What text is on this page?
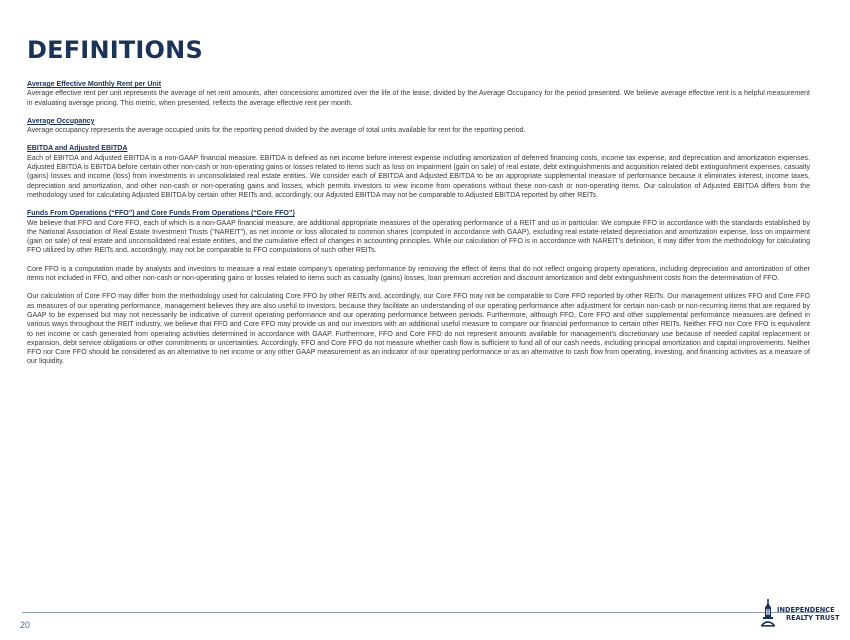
DEFINITIONS

Average Effective Monthly Rent per Unit

Average effective rent per unit represents the average of net rent amounts, after concessions amortized over the life of the lease, divided by the Average Occupancy for the period presented. We believe average effective rent is a helpful measurement in evaluating average pricing. This metric, when presented, reflects the average effective rent per month.

Average Occupancy

Average occupancy represents the average occupied units for the reporting period divided by the average of total units available for rent for the reporting period.

EBITDA and Adjusted EBITDA

Each of EBITDA and Adjusted EBITDA is a non-GAAP financial measure. EBITDA is defined as net income before interest expense including amortization of deferred financing costs, income tax expense, and depreciation and amortization expenses. Adjusted EBITDA is EBITDA before certain other non-cash or non-operating gains or losses related to items such as loss on impairment (gain on sale) of real estate, debt extinguishments and acquisition related debt extinguishment expenses, casualty (gains) losses and income (loss) from investments in unconsolidated real estate entities. We consider each of EBITDA and Adjusted EBITDA to be an appropriate supplemental measure of performance because it eliminates interest, income taxes, depreciation and amortization, and other non-cash or non-operating gains and losses, which permits investors to view income from operations without these non-cash or non-operating items. Our calculation of Adjusted EBITDA differs from the methodology used for calculating Adjusted EBITDA by certain other REITs and, accordingly, our Adjusted EBITDA may not be comparable to Adjusted EBITDA reported by other REITs.

Funds From Operations (“FFO”) and Core Funds From Operations (“Core FFO”)

We believe that FFO and Core FFO, each of which is a non-GAAP financial measure, are additional appropriate measures of the operating performance of a REIT and us in particular. We compute FFO in accordance with the standards established by the National Association of Real Estate Investment Trusts (“NAREIT”), as net income or loss allocated to common shares (computed in accordance with GAAP), excluding real estate-related depreciation and amortization expense, loss on impairment (gain on sale) of real estate and unconsolidated real estate entities, and the cumulative effect of changes in accounting principles. While our calculation of FFO is in accordance with NAREIT’s definition, it may differ from the methodology for calculating FFO utilized by other REITs and, accordingly, may not be comparable to FFO computations of such other REITs.

Core FFO is a computation made by analysts and investors to measure a real estate company’s operating performance by removing the effect of items that do not reflect ongoing property operations, including depreciation and amortization of other items not included in FFO, and other non-cash or non-operating gains or losses related to items such as casualty (gains) losses, loan premium accretion and discount amortization and debt extinguishment costs from the determination of FFO.

Our calculation of Core FFO may differ from the methodology used for calculating Core FFO by other REITs and, accordingly, our Core FFO may not be comparable to Core FFO reported by other REITs. Our management utilizes FFO and Core FFO as measures of our operating performance, management believes they are also useful to investors, because they facilitate an understanding of our operating performance after adjustment for certain non-cash or non-recurring items that are required by GAAP to be expensed but may not necessarily be indicative of current operating performance and our operating performance between periods. Furthermore, although FFO, Core FFO and other supplemental performance measures are defined in various ways throughout the REIT industry, we believe that FFO and Core FFO may provide us and our investors with an additional useful measure to compare our financial performance to certain other REITs. Neither FFO nor Core FFO is equivalent to net income or cash generated from operating activities determined in accordance with GAAP. Furthermore, FFO and Core FFO do not represent amounts available for management’s discretionary use because of needed capital replacement or expansion, debt service obligations or other commitments or uncertainties. Accordingly, FFO and Core FFO do not measure whether cash flow is sufficient to fund all of our cash needs, including principal amortization and capital improvements. Neither FFO nor Core FFO should be considered as an alternative to net income or any other GAAP measurement as an indicator of our operating performance or as an alternative to cash flow from operating, investing, and financing activities as a measure of our liquidity.

20
INDEPENDENCE
REALTY TRUST
